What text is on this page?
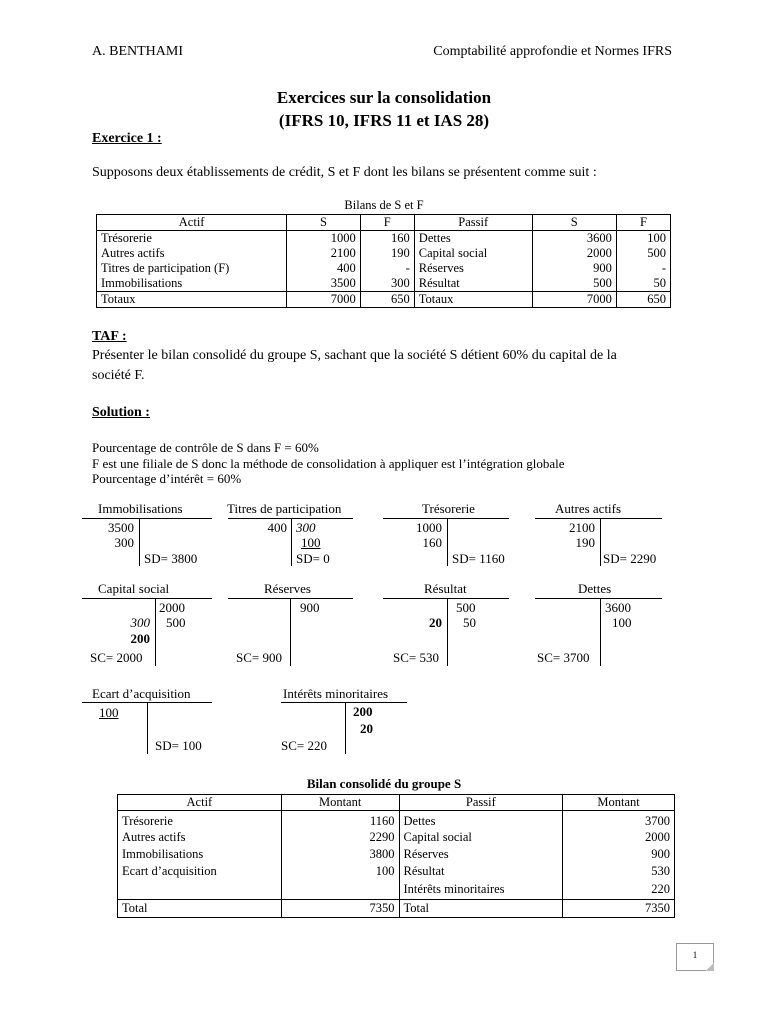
A. BENTHAMI	Comptabilité approfondie et Normes IFRS
Exercices sur la consolidation
(IFRS 10, IFRS 11 et IAS 28)
Exercice 1 :
Supposons deux établissements de crédit, S et F dont les bilans se présentent comme suit :
Bilans de S et F
Actif	S	F	Passif	S	F
Trésorerie	1000	160	Dettes	3600	100
Autres actifs	2100	190	Capital social	2000	500
Titres de participation (F)	400	-	Réserves	900	-
Immobilisations	3500	300	Résultat	500	50
Totaux	7000	650	Totaux	7000	650
TAF :
Présenter le bilan consolidé du groupe S, sachant que la société S détient 60% du capital de la
société F.
Solution :
Pourcentage de contrôle de S dans F = 60%
F est une filiale de S donc la méthode de consolidation à appliquer est l’intégration globale
Pourcentage d’intérêt = 60%
Immobilisations
3500
300
SD= 3800
Titres de participation
400 300
100
SD= 0
Trésorerie
1000
160
SD= 1160
Autres actifs
2100
190
SD= 2290
Capital social
2000
300 500
200
SC= 2000
Réserves
900
SC= 900
Résultat
500
20 50
SC= 530
Dettes
3600
100
SC= 3700
Ecart d’acquisition
100
SD= 100
Intérêts minoritaires
200
20
SC= 220
Bilan consolidé du groupe S
Actif	Montant	Passif	Montant
Trésorerie	1160	Dettes	3700
Autres actifs	2290	Capital social	2000
Immobilisations	3800	Réserves	900
Ecart d’acquisition	100	Résultat	530
		Intérêts minoritaires	220
Total	7350	Total	7350
1
